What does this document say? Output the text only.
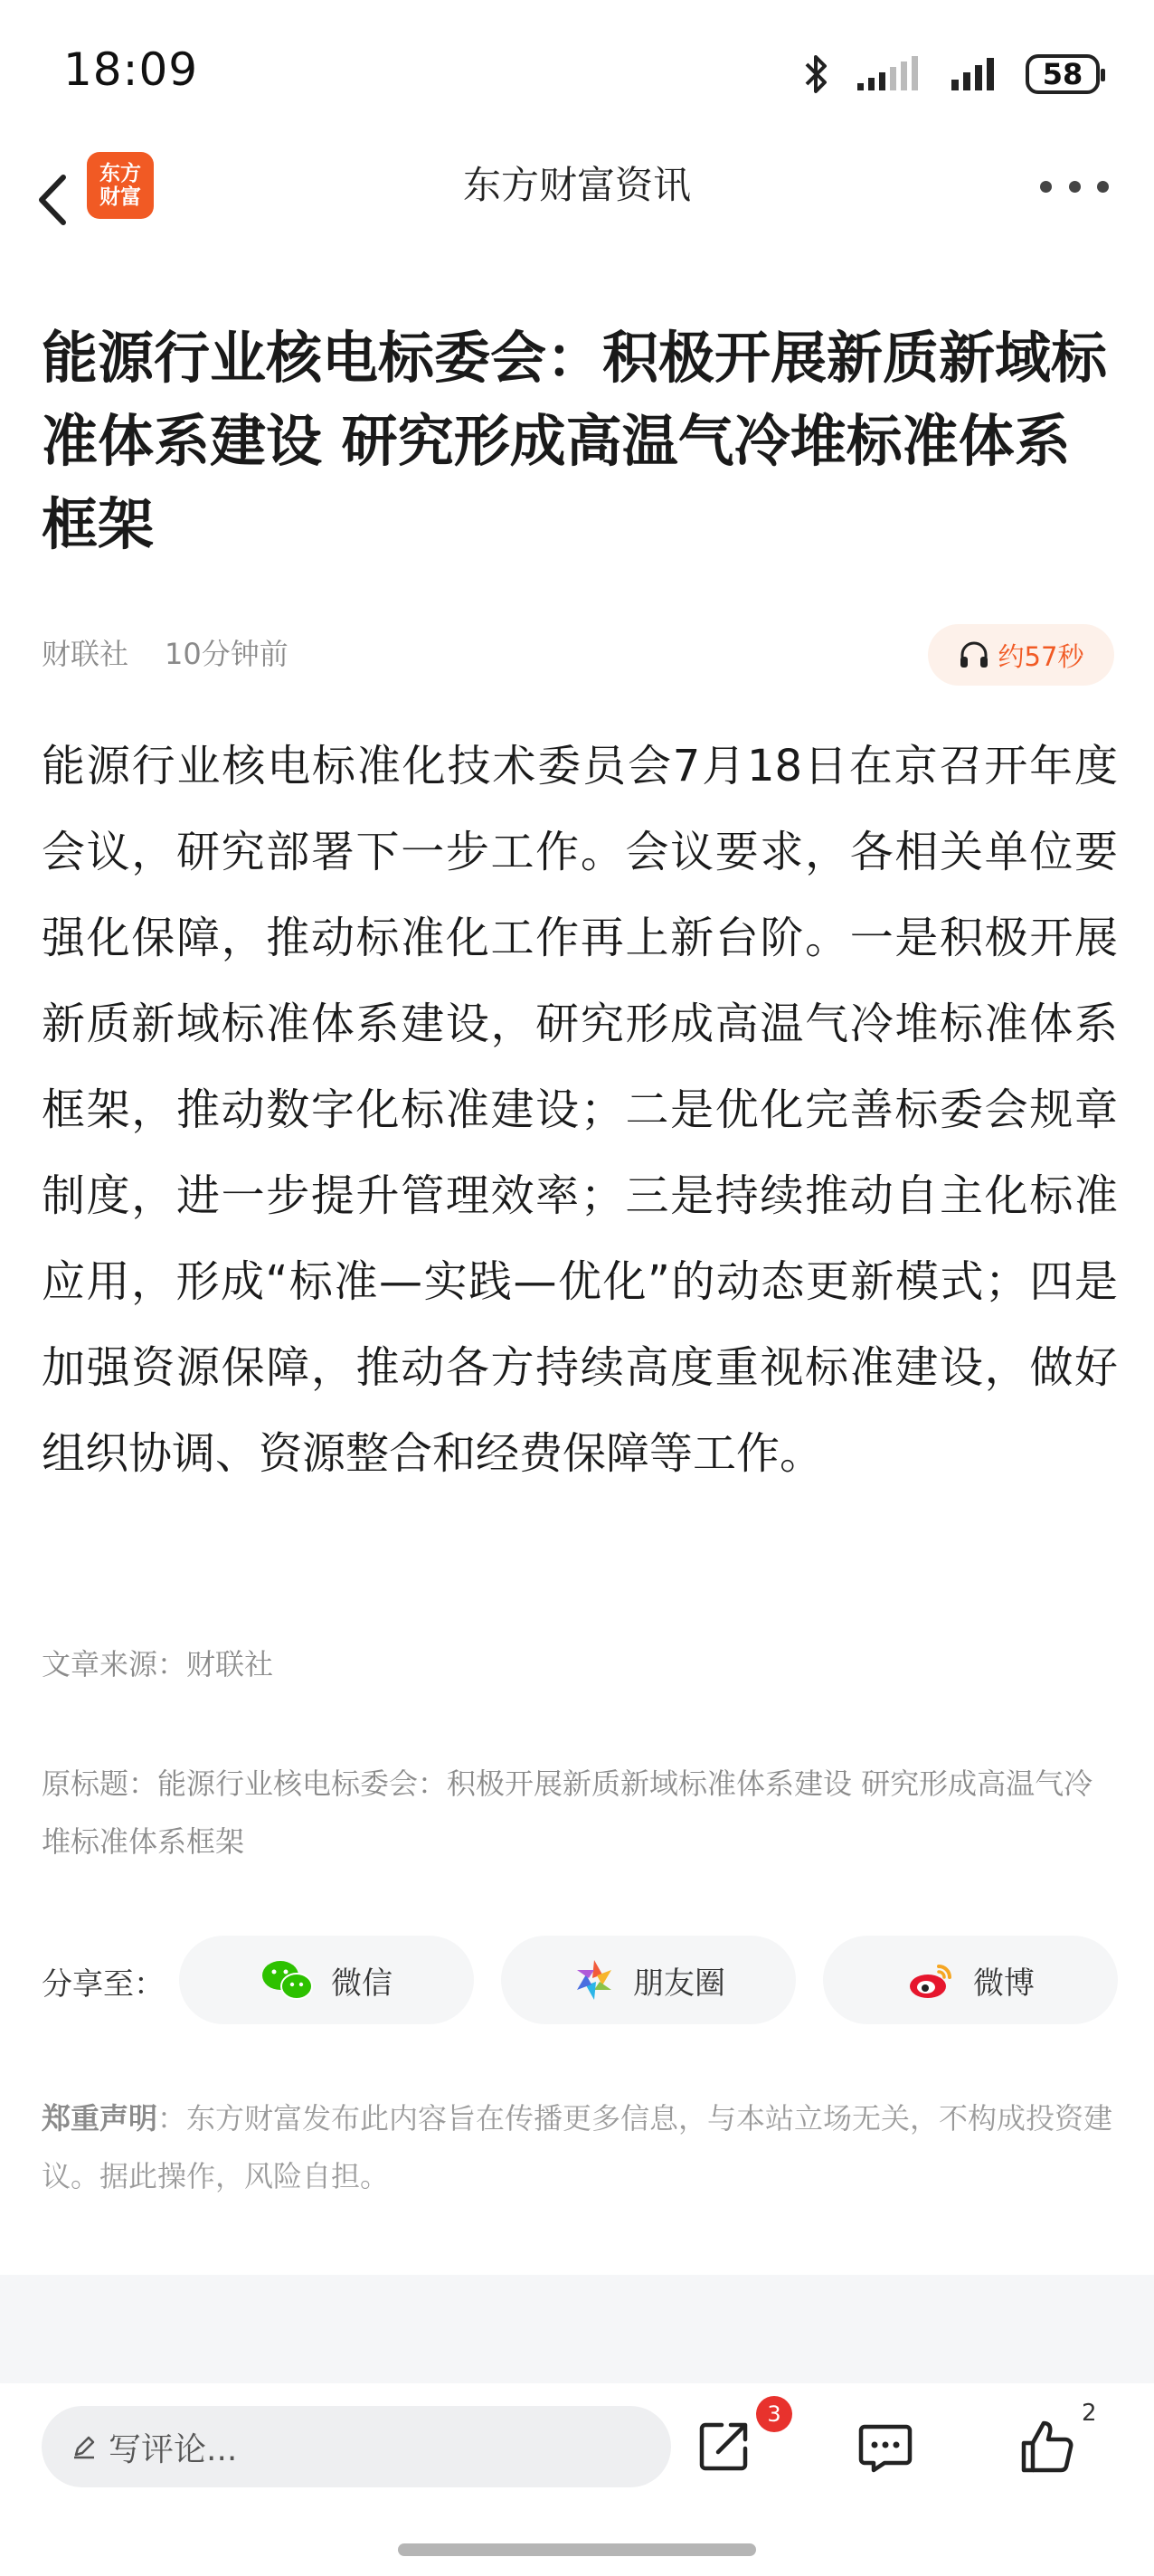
18:09	58
东方
财富	东方财富资讯
能源行业核电标委会：积极开展新质新域标准体系建设 研究形成高温气冷堆标准体系框架
财联社 10分钟前	约57秒

能源行业核电标准化技术委员会7月18日在京召开年度会议，研究部署下一步工作。会议要求，各相关单位要强化保障，推动标准化工作再上新台阶。一是积极开展新质新域标准体系建设，研究形成高温气冷堆标准体系框架，推动数字化标准建设；二是优化完善标委会规章制度，进一步提升管理效率；三是持续推动自主化标准应用，形成“标准—实践—优化”的动态更新模式；四是加强资源保障，推动各方持续高度重视标准建设，做好组织协调、资源整合和经费保障等工作。

文章来源：财联社
原标题：能源行业核电标委会：积极开展新质新域标准体系建设 研究形成高温气冷堆标准体系框架
分享至：	微信	朋友圈	微博
郑重声明：东方财富发布此内容旨在传播更多信息，与本站立场无关，不构成投资建议。据此操作，风险自担。
写评论...
3	2
